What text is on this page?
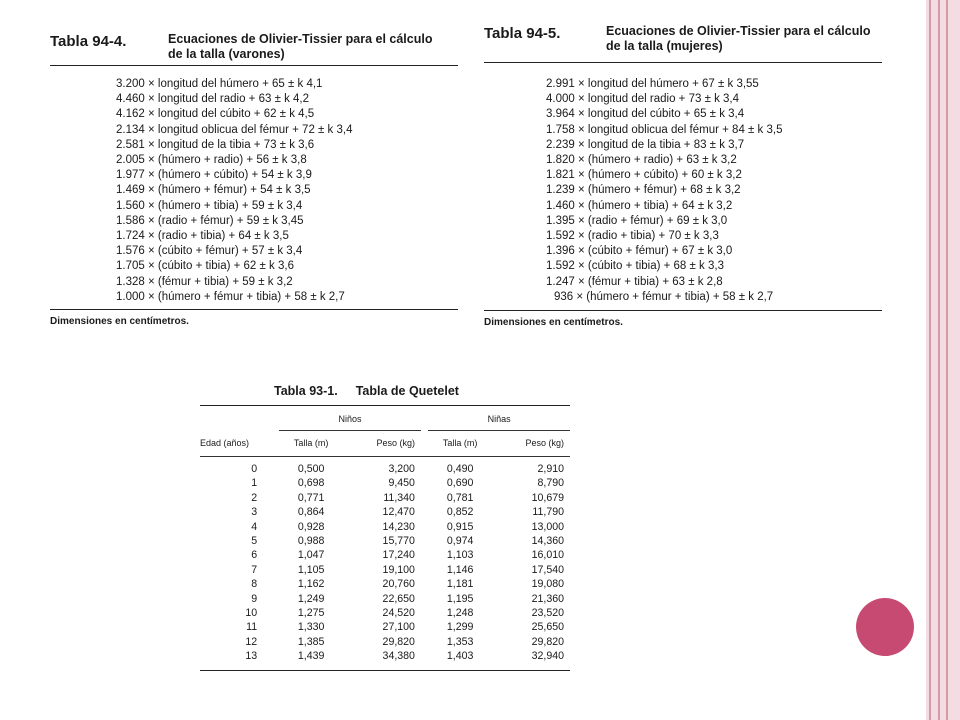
Tabla 94-4.	Ecuaciones de Olivier-Tissier para el cálculo
de la talla (varones)
3.200 × longitud del húmero + 65 ± k 4,1
4.460 × longitud del radio + 63 ± k 4,2
4.162 × longitud del cúbito + 62 ± k 4,5
2.134 × longitud oblicua del fémur + 72 ± k 3,4
2.581 × longitud de la tibia + 73 ± k 3,6
2.005 × (húmero + radio) + 56 ± k 3,8
1.977 × (húmero + cúbito) + 54 ± k 3,9
1.469 × (húmero + fémur) + 54 ± k 3,5
1.560 × (húmero + tibia) + 59 ± k 3,4
1.586 × (radio + fémur) + 59 ± k 3,45
1.724 × (radio + tibia) + 64 ± k 3,5
1.576 × (cúbito + fémur) + 57 ± k 3,4
1.705 × (cúbito + tibia) + 62 ± k 3,6
1.328 × (fémur + tibia) + 59 ± k 3,2
1.000 × (húmero + fémur + tibia) + 58 ± k 2,7
Dimensiones en centímetros.
Tabla 94-5.	Ecuaciones de Olivier-Tissier para el cálculo
de la talla (mujeres)
2.991 × longitud del húmero + 67 ± k 3,55
4.000 × longitud del radio + 73 ± k 3,4
3.964 × longitud del cúbito + 65 ± k 3,4
1.758 × longitud oblicua del fémur + 84 ± k 3,5
2.239 × longitud de la tibia + 83 ± k 3,7
1.820 × (húmero + radio) + 63 ± k 3,2
1.821 × (húmero + cúbito) + 60 ± k 3,2
1.239 × (húmero + fémur) + 68 ± k 3,2
1.460 × (húmero + tibia) + 64 ± k 3,2
1.395 × (radio + fémur) + 69 ± k 3,0
1.592 × (radio + tibia) + 70 ± k 3,3
1.396 × (cúbito + fémur) + 67 ± k 3,0
1.592 × (cúbito + tibia) + 68 ± k 3,3
1.247 × (fémur + tibia) + 63 ± k 2,8
936 × (húmero + fémur + tibia) + 58 ± k 2,7
Dimensiones en centímetros.
Tabla 93-1. Tabla de Quetelet
	Niños			Niñas	
Edad (años)	Talla (m)	Peso (kg)		Talla (m)	Peso (kg)
0	0,500	3,200		0,490	2,910
1	0,698	9,450		0,690	8,790
2	0,771	11,340		0,781	10,679
3	0,864	12,470		0,852	11,790
4	0,928	14,230		0,915	13,000
5	0,988	15,770		0,974	14,360
6	1,047	17,240		1,103	16,010
7	1,105	19,100		1,146	17,540
8	1,162	20,760		1,181	19,080
9	1,249	22,650		1,195	21,360
10	1,275	24,520		1,248	23,520
11	1,330	27,100		1,299	25,650
12	1,385	29,820		1,353	29,820
13	1,439	34,380		1,403	32,940
